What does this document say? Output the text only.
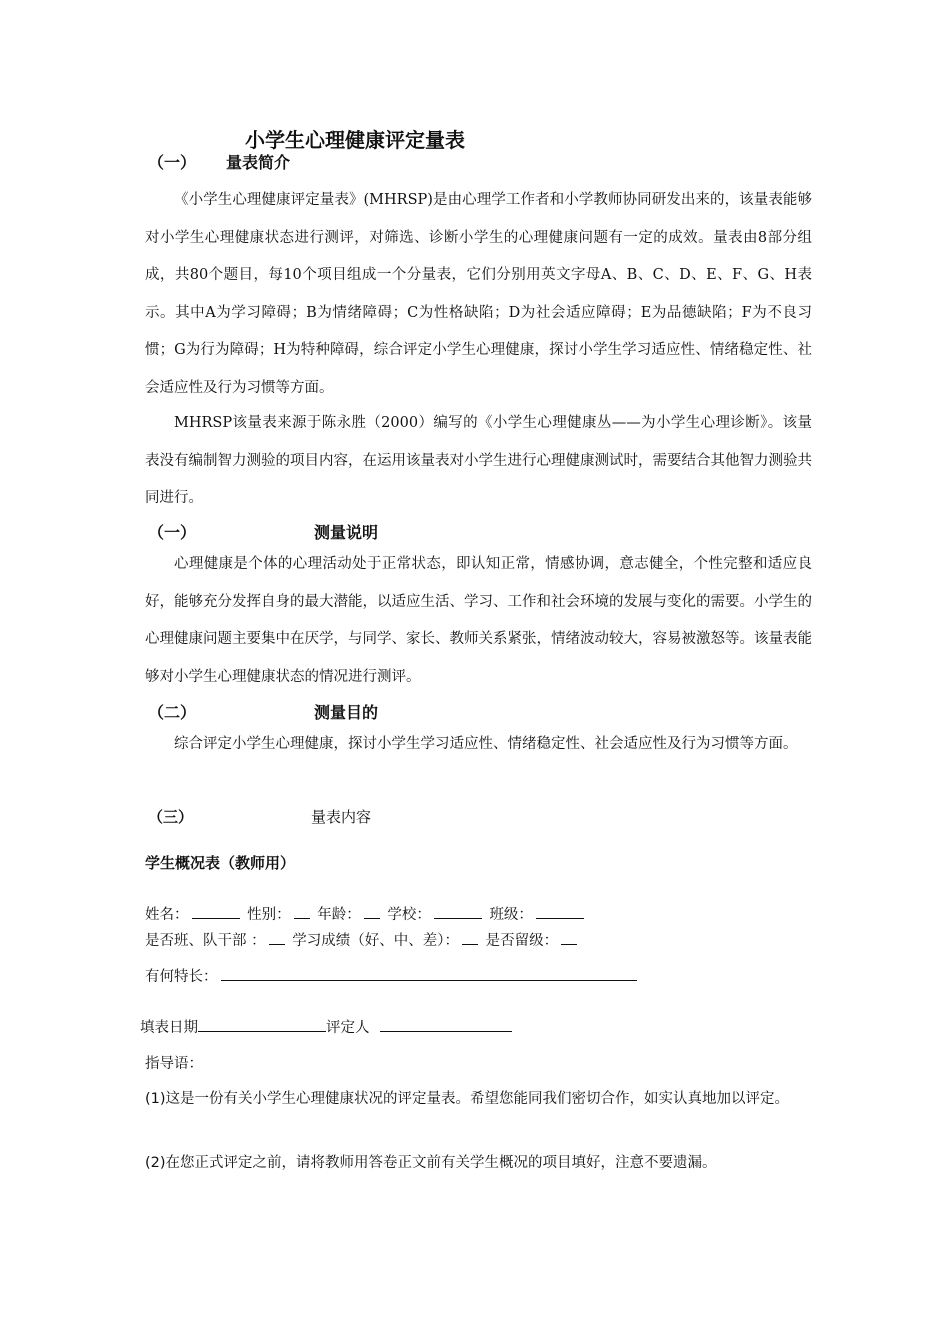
小学生心理健康评定量表
（一） 量表简介
《小学生心理健康评定量表》(MHRSP)是由心理学工作者和小学教师协同研发出来的，该量表能够对小学生心理健康状态进行测评，对筛选、诊断小学生的心理健康问题有一定的成效。量表由8部分组成，共80个题目，每10个项目组成一个分量表，它们分别用英文字母A、B、C、D、E、F、G、H表示。其中A为学习障碍；B为情绪障碍；C为性格缺陷；D为社会适应障碍；E为品德缺陷；F为不良习惯；G为行为障碍；H为特种障碍，综合评定小学生心理健康，探讨小学生学习适应性、情绪稳定性、社会适应性及行为习惯等方面。
MHRSP该量表来源于陈永胜（2000）编写的《小学生心理健康丛——为小学生心理诊断》。该量表没有编制智力测验的项目内容，在运用该量表对小学生进行心理健康测试时，需要结合其他智力测验共同进行。
（一）	测量说明
心理健康是个体的心理活动处于正常状态，即认知正常，情感协调，意志健全，个性完整和适应良好，能够充分发挥自身的最大潜能，以适应生活、学习、工作和社会环境的发展与变化的需要。小学生的心理健康问题主要集中在厌学，与同学、家长、教师关系紧张，情绪波动较大，容易被激怒等。该量表能够对小学生心理健康状态的情况进行测评。
（二）	测量目的
综合评定小学生心理健康，探讨小学生学习适应性、情绪稳定性、社会适应性及行为习惯等方面。
（三）	量表内容
学生概况表（教师用）
姓名：	性别： 年龄： 学校：	班级：
是否班、队干部 ： 学习成绩（好、中、差）： 是否留级：
有何特长：
填表日期	评定人
指导语：
(1)这是一份有关小学生心理健康状况的评定量表。希望您能同我们密切合作，如实认真地加以评定。
(2)在您正式评定之前，请将教师用答卷正文前有关学生概况的项目填好，注意不要遗漏。
